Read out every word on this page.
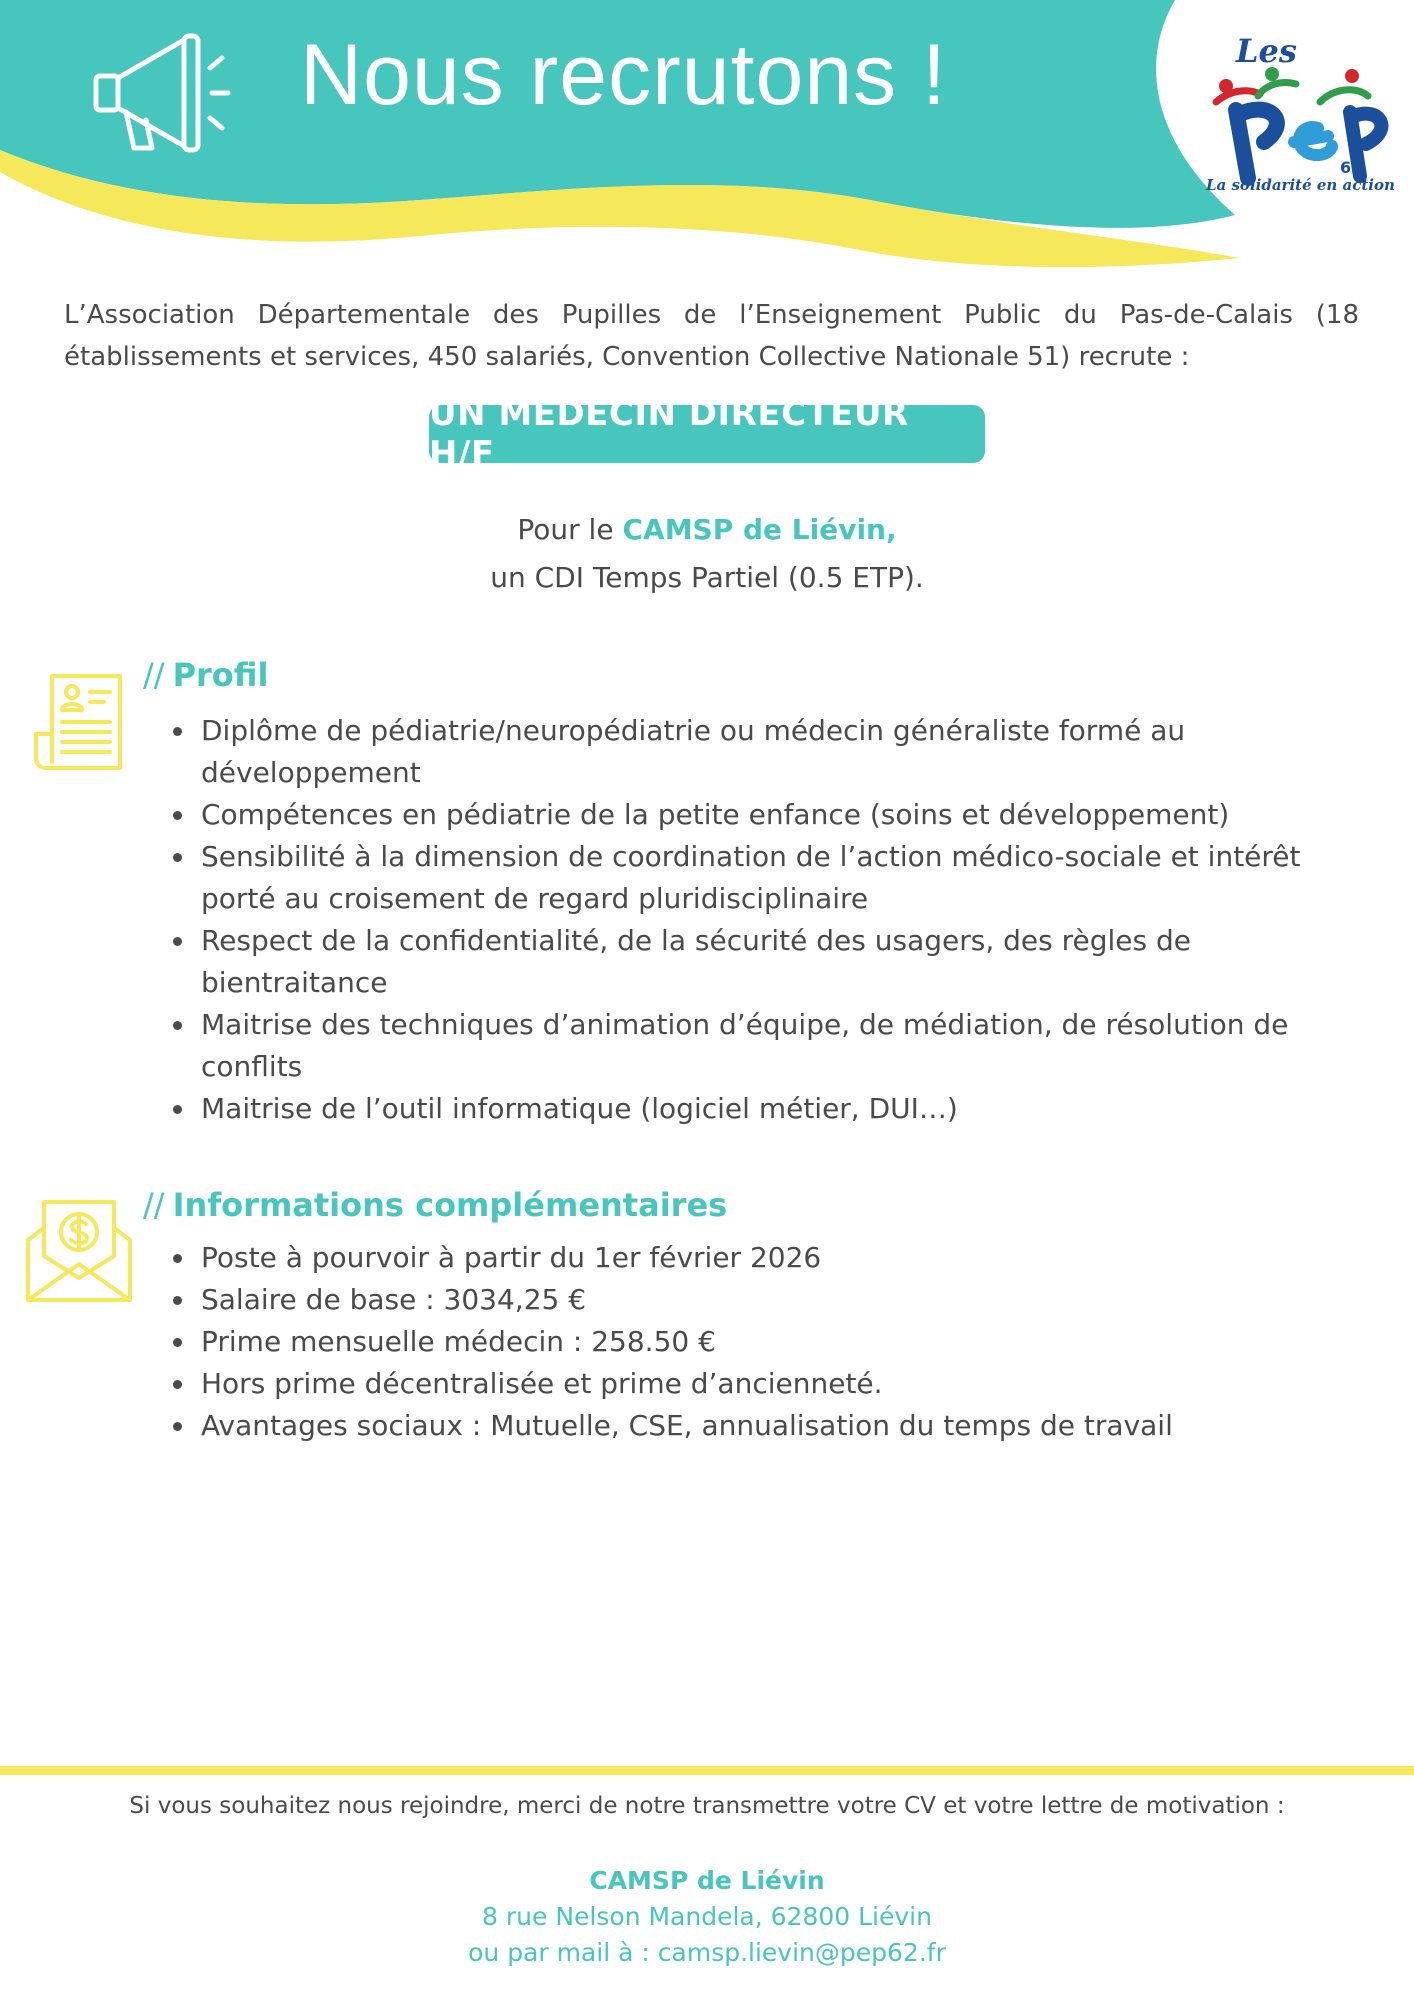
Nous recrutons !	Les
62
La solidarité en action

L’Association Départementale des Pupilles de l’Enseignement Public du Pas-de-Calais (18 établissements et services, 450 salariés, Convention Collective Nationale 51) recrute :

UN MEDECIN DIRECTEUR H/F
Pour le CAMSP de Liévin,
un CDI Temps Partiel (0.5 ETP).
// Profil
• Diplôme de pédiatrie/neuropédiatrie ou médecin généraliste formé au développement
• Compétences en pédiatrie de la petite enfance (soins et développement)
• Sensibilité à la dimension de coordination de l’action médico-sociale et intérêt porté au croisement de regard pluridisciplinaire
• Respect de la confidentialité, de la sécurité des usagers, des règles de bientraitance
• Maitrise des techniques d’animation d’équipe, de médiation, de résolution de conflits
• Maitrise de l’outil informatique (logiciel métier, DUI…)
// Informations complémentaires
• Poste à pourvoir à partir du 1er février 2026
• Salaire de base : 3034,25 €
• Prime mensuelle médecin : 258.50 €
• Hors prime décentralisée et prime d’ancienneté.
• Avantages sociaux : Mutuelle, CSE, annualisation du temps de travail
Si vous souhaitez nous rejoindre, merci de notre transmettre votre CV et votre lettre de motivation :
CAMSP de Liévin
8 rue Nelson Mandela, 62800 Liévin
ou par mail à : camsp.lievin@pep62.fr
